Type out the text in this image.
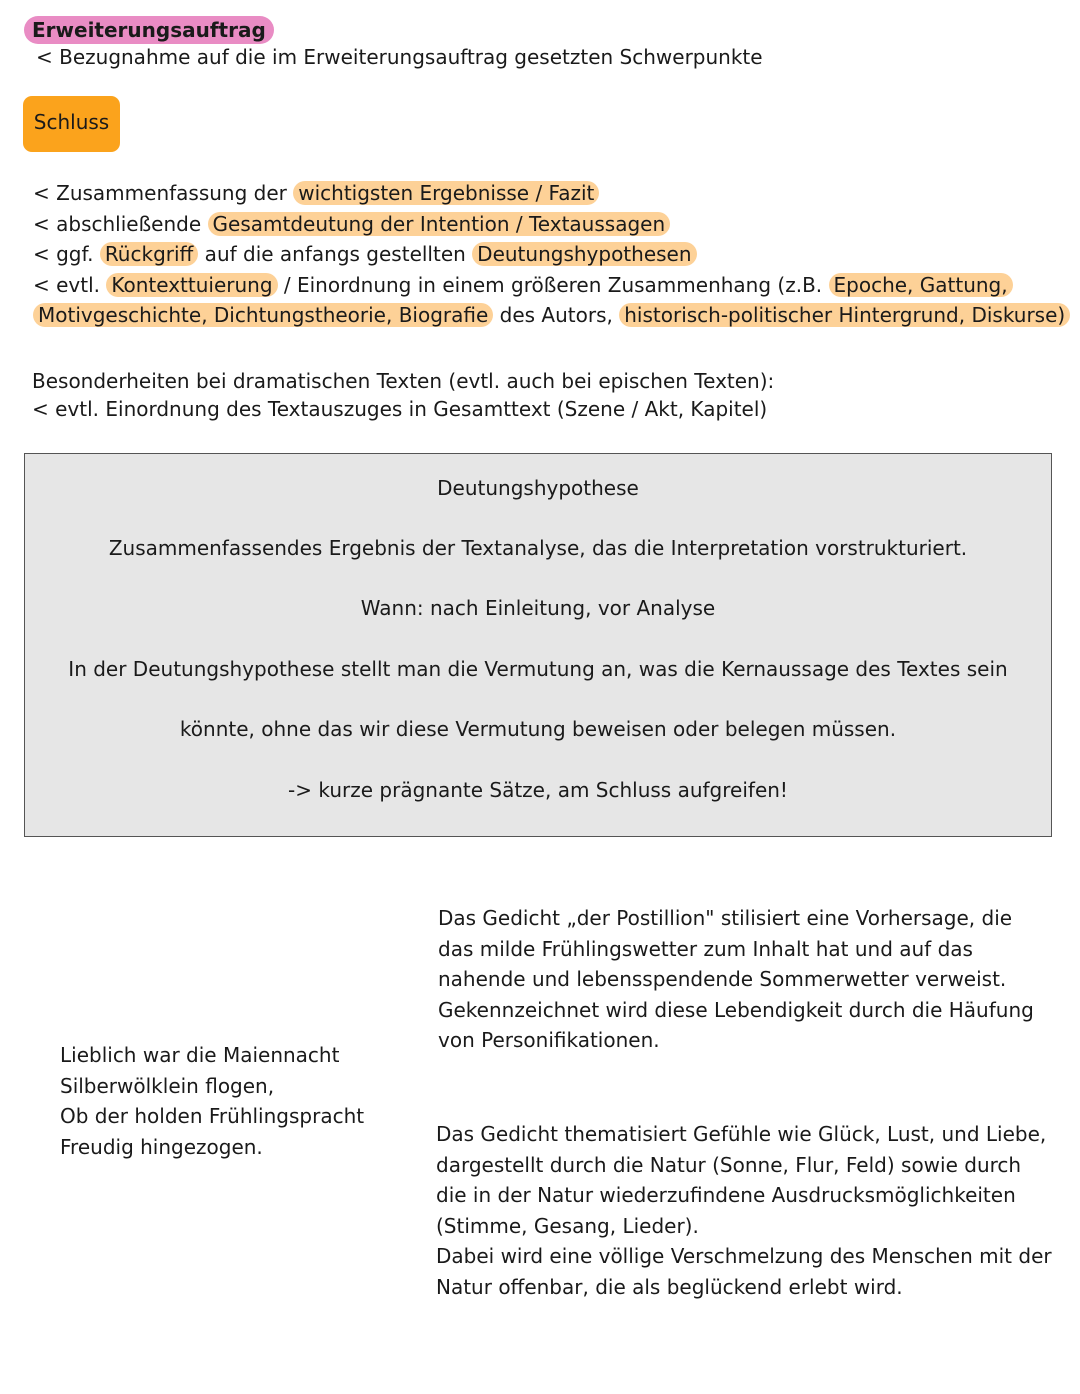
Erweiterungsauftrag
< Bezugnahme auf die im Erweiterungsauftrag gesetzten Schwerpunkte
Schluss
< Zusammenfassung der wichtigsten Ergebnisse / Fazit
< abschließende Gesamtdeutung der Intention / Textaussagen
< ggf. Rückgriff auf die anfangs gestellten Deutungshypothesen
< evtl. Kontexttuierung / Einordnung in einem größeren Zusammenhang (z.B. Epoche, Gattung,
Motivgeschichte, Dichtungstheorie, Biografie des Autors, historisch-politischer Hintergrund, Diskurse)
Besonderheiten bei dramatischen Texten (evtl. auch bei epischen Texten):
< evtl. Einordnung des Textauszuges in Gesamttext (Szene / Akt, Kapitel)

Deutungshypothese

Zusammenfassendes Ergebnis der Textanalyse, das die Interpretation vorstrukturiert.

Wann: nach Einleitung, vor Analyse

In der Deutungshypothese stellt man die Vermutung an, was die Kernaussage des Textes sein

könnte, ohne das wir diese Vermutung beweisen oder belegen müssen.

-> kurze prägnante Sätze, am Schluss aufgreifen!

Lieblich war die Maiennacht
Silberwölklein flogen,
Ob der holden Frühlingspracht
Freudig hingezogen.
Das Gedicht „der Postillion" stilisiert eine Vorhersage, die
das milde Frühlingswetter zum Inhalt hat und auf das
nahende und lebensspendende Sommerwetter verweist.
Gekennzeichnet wird diese Lebendigkeit durch die Häufung
von Personifikationen.
Das Gedicht thematisiert Gefühle wie Glück, Lust, und Liebe,
dargestellt durch die Natur (Sonne, Flur, Feld) sowie durch
die in der Natur wiederzufindene Ausdrucksmöglichkeiten
(Stimme, Gesang, Lieder).
Dabei wird eine völlige Verschmelzung des Menschen mit der
Natur offenbar, die als beglückend erlebt wird.
